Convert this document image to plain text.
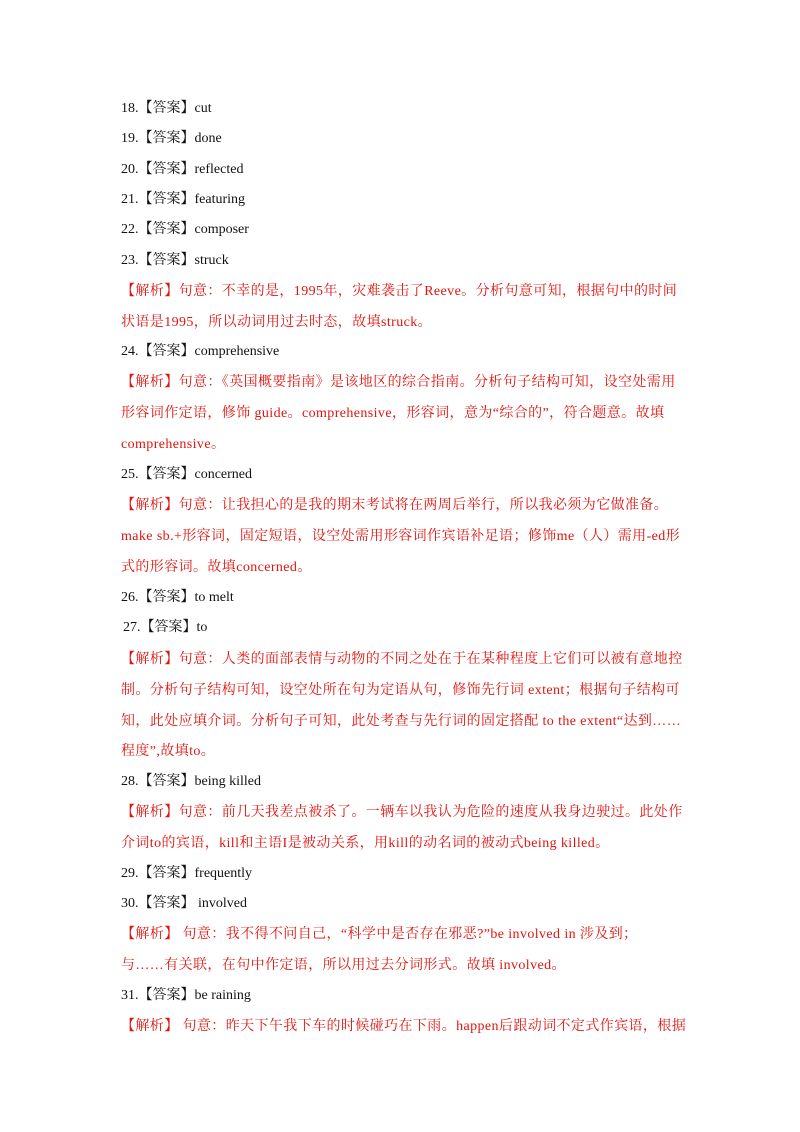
18.【答案】cut
19.【答案】done
20.【答案】reflected
21.【答案】featuring
22.【答案】composer
23.【答案】struck
【解析】句意：不幸的是，1995年，灾难袭击了Reeve。分析句意可知，根据句中的时间
状语是1995，所以动词用过去时态，故填struck。
24.【答案】comprehensive
【解析】句意：《英国概要指南》是该地区的综合指南。分析句子结构可知，设空处需用
形容词作定语，修饰 guide。comprehensive，形容词，意为“综合的”，符合题意。故填
comprehensive。
25.【答案】concerned
【解析】句意：让我担心的是我的期末考试将在两周后举行，所以我必须为它做准备。
make sb.+形容词，固定短语，设空处需用形容词作宾语补足语；修饰me（人）需用-ed形
式的形容词。故填concerned。
26.【答案】to melt
27.【答案】to
【解析】句意：人类的面部表情与动物的不同之处在于在某种程度上它们可以被有意地控
制。分析句子结构可知，设空处所在句为定语从句，修饰先行词 extent；根据句子结构可
知，此处应填介词。分析句子可知，此处考查与先行词的固定搭配 to the extent“达到……
程度”,故填to。
28.【答案】being killed
【解析】句意：前几天我差点被杀了。一辆车以我认为危险的速度从我身边驶过。此处作
介词to的宾语，kill和主语I是被动关系，用kill的动名词的被动式being killed。
29.【答案】frequently
30.【答案】 involved
【解析】 句意：我不得不问自己，“科学中是否存在邪恶?”be involved in 涉及到；
与……有关联，在句中作定语，所以用过去分词形式。故填 involved。
31.【答案】be raining
【解析】 句意：昨天下午我下车的时候碰巧在下雨。happen后跟动词不定式作宾语，根据
